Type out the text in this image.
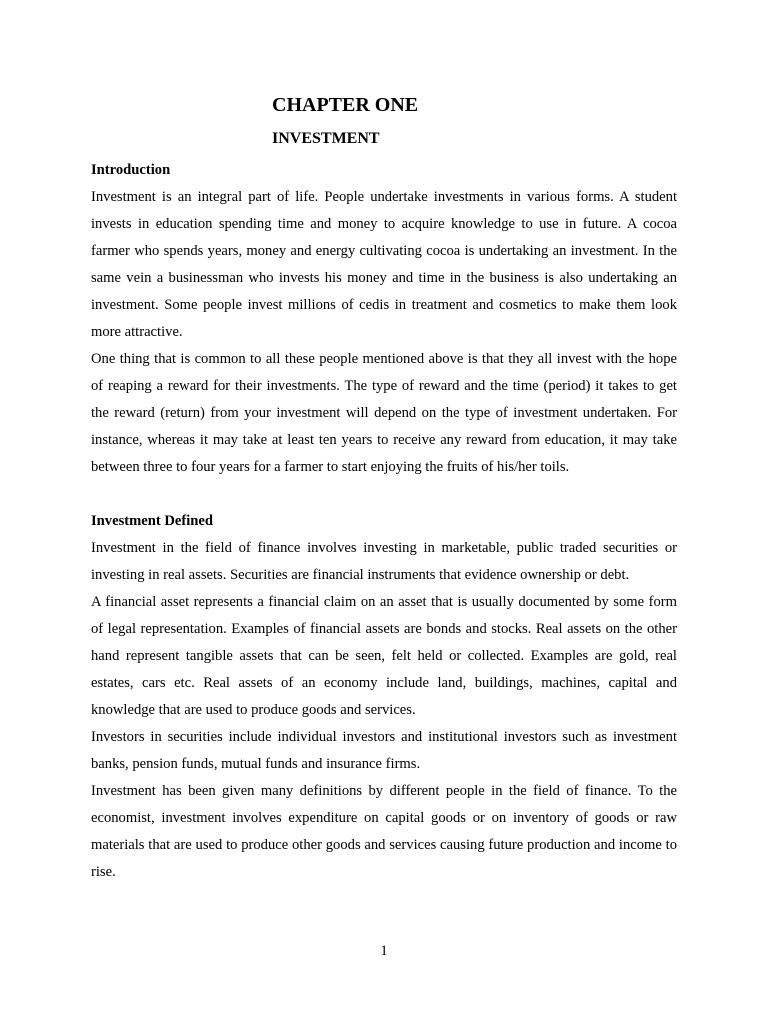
CHAPTER ONE
INVESTMENT
Introduction

Investment is an integral part of life. People undertake investments in various forms. A student invests in education spending time and money to acquire knowledge to use in future. A cocoa farmer who spends years, money and energy cultivating cocoa is undertaking an investment. In the same vein a businessman who invests his money and time in the business is also undertaking an investment. Some people invest millions of cedis in treatment and cosmetics to make them look more attractive.

One thing that is common to all these people mentioned above is that they all invest with the hope of reaping a reward for their investments. The type of reward and the time (period) it takes to get the reward (return) from your investment will depend on the type of investment undertaken. For instance, whereas it may take at least ten years to receive any reward from education, it may take between three to four years for a farmer to start enjoying the fruits of his/her toils.

Investment Defined

Investment in the field of finance involves investing in marketable, public traded securities or investing in real assets. Securities are financial instruments that evidence ownership or debt.

A financial asset represents a financial claim on an asset that is usually documented by some form of legal representation. Examples of financial assets are bonds and stocks. Real assets on the other hand represent tangible assets that can be seen, felt held or collected. Examples are gold, real estates, cars etc. Real assets of an economy include land, buildings, machines, capital and knowledge that are used to produce goods and services.

Investors in securities include individual investors and institutional investors such as investment banks, pension funds, mutual funds and insurance firms.

Investment has been given many definitions by different people in the field of finance. To the economist, investment involves expenditure on capital goods or on inventory of goods or raw materials that are used to produce other goods and services causing future production and income to rise.

1
